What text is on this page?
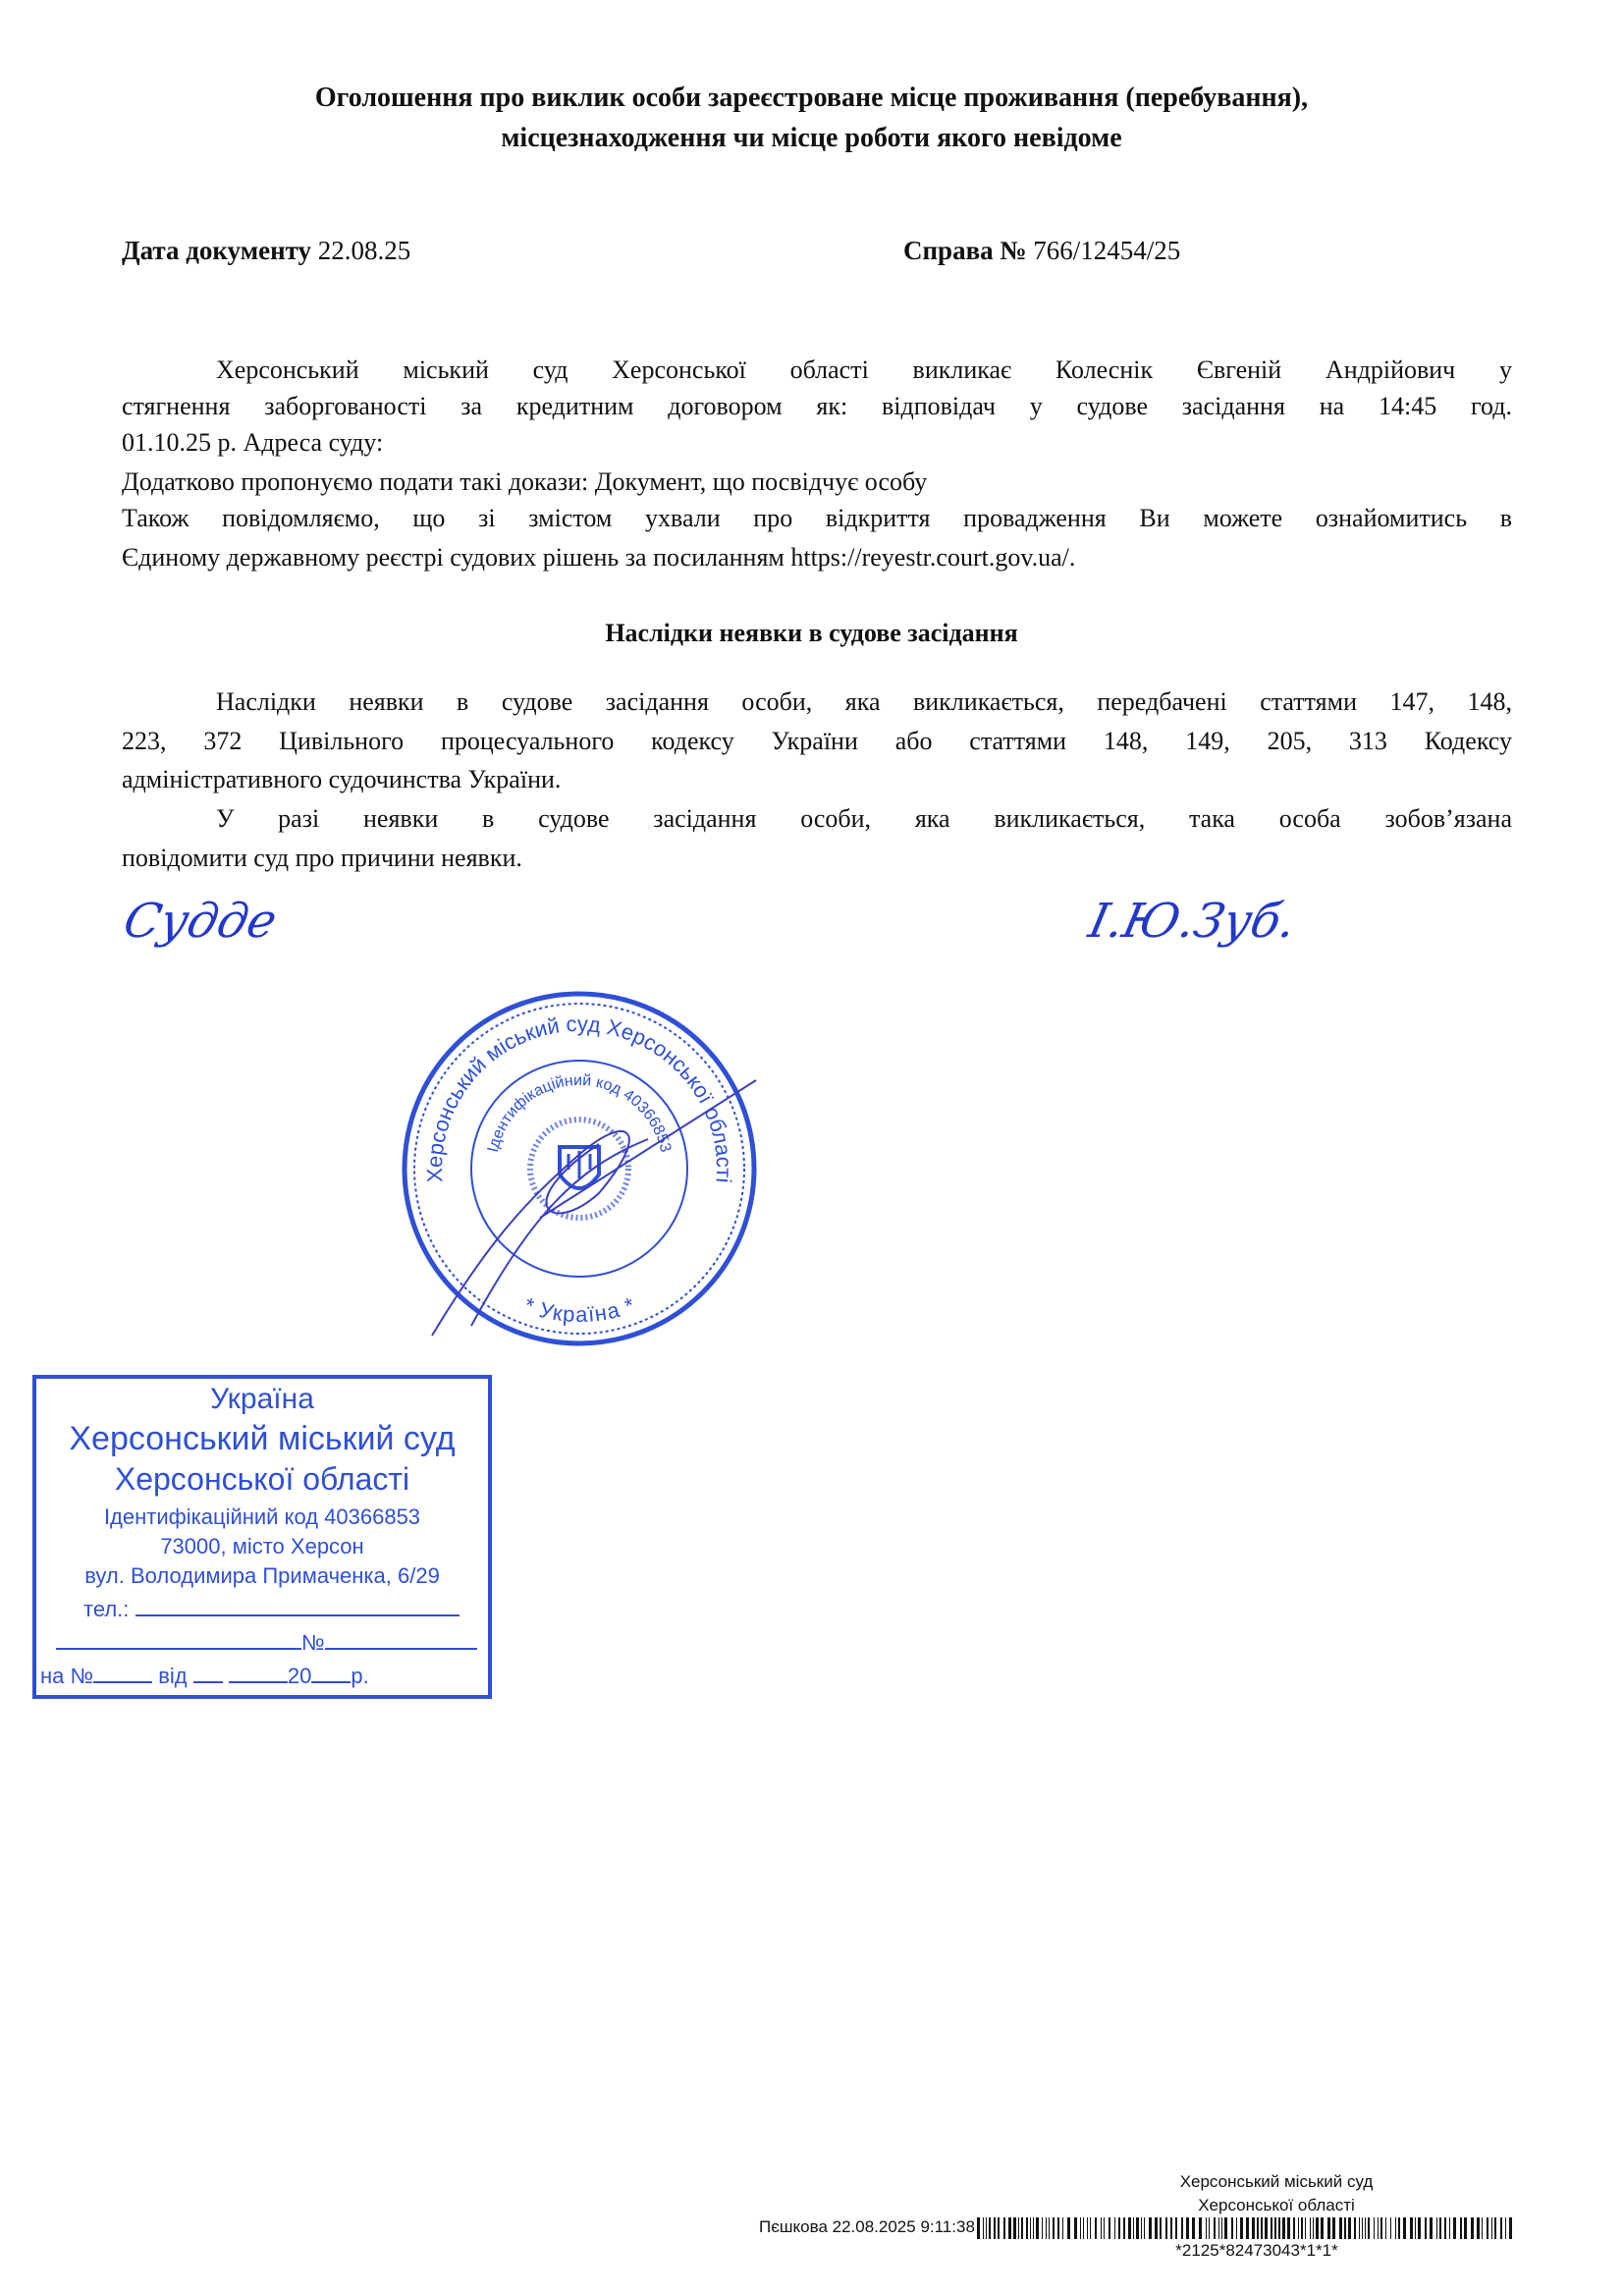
Оголошення про виклик особи зареєстроване місце проживання (перебування),
місцезнаходження чи місце роботи якого невідоме
Дата документу 22.08.25	Справа № 766/12454/25
Херсонський міський суд Херсонської області викликає Колеснік Євгеній Андрійович у
стягнення заборгованості за кредитним договором як: відповідач у судове засідання на 14:45 год.
01.10.25 р. Адреса суду:
Додатково пропонуємо подати такі докази: Документ, що посвідчує особу
Також повідомляємо, що зі змістом ухвали про відкриття провадження Ви можете ознайомитись в
Єдиному державному реєстрі судових рішень за посиланням https://reyestr.court.gov.ua/.
Наслідки неявки в судове засідання
Наслідки неявки в судове засідання особи, яка викликається, передбачені статтями 147, 148,
223, 372 Цивільного процесуального кодексу України або статтями 148, 149, 205, 313 Кодексу
адміністративного судочинства України.
У разі неявки в судове засідання особи, яка викликається, така особа зобов’язана
повідомити суд про причини неявки.
Судде	І.Ю.Зуб.
Херсонський міський суд Херсонської області
* Україна *
Ідентифікаційний код 40366853
Україна
Херсонський міський суд
Херсонської області
Ідентифікаційний код 40366853
73000, місто Херсон
вул. Володимира Примаченка, 6/29
тел.:
№
на №	від	20 р.
Херсонський міський суд
Херсонської області
Пєшкова 22.08.2025 9:11:38
*2125*82473043*1*1*
